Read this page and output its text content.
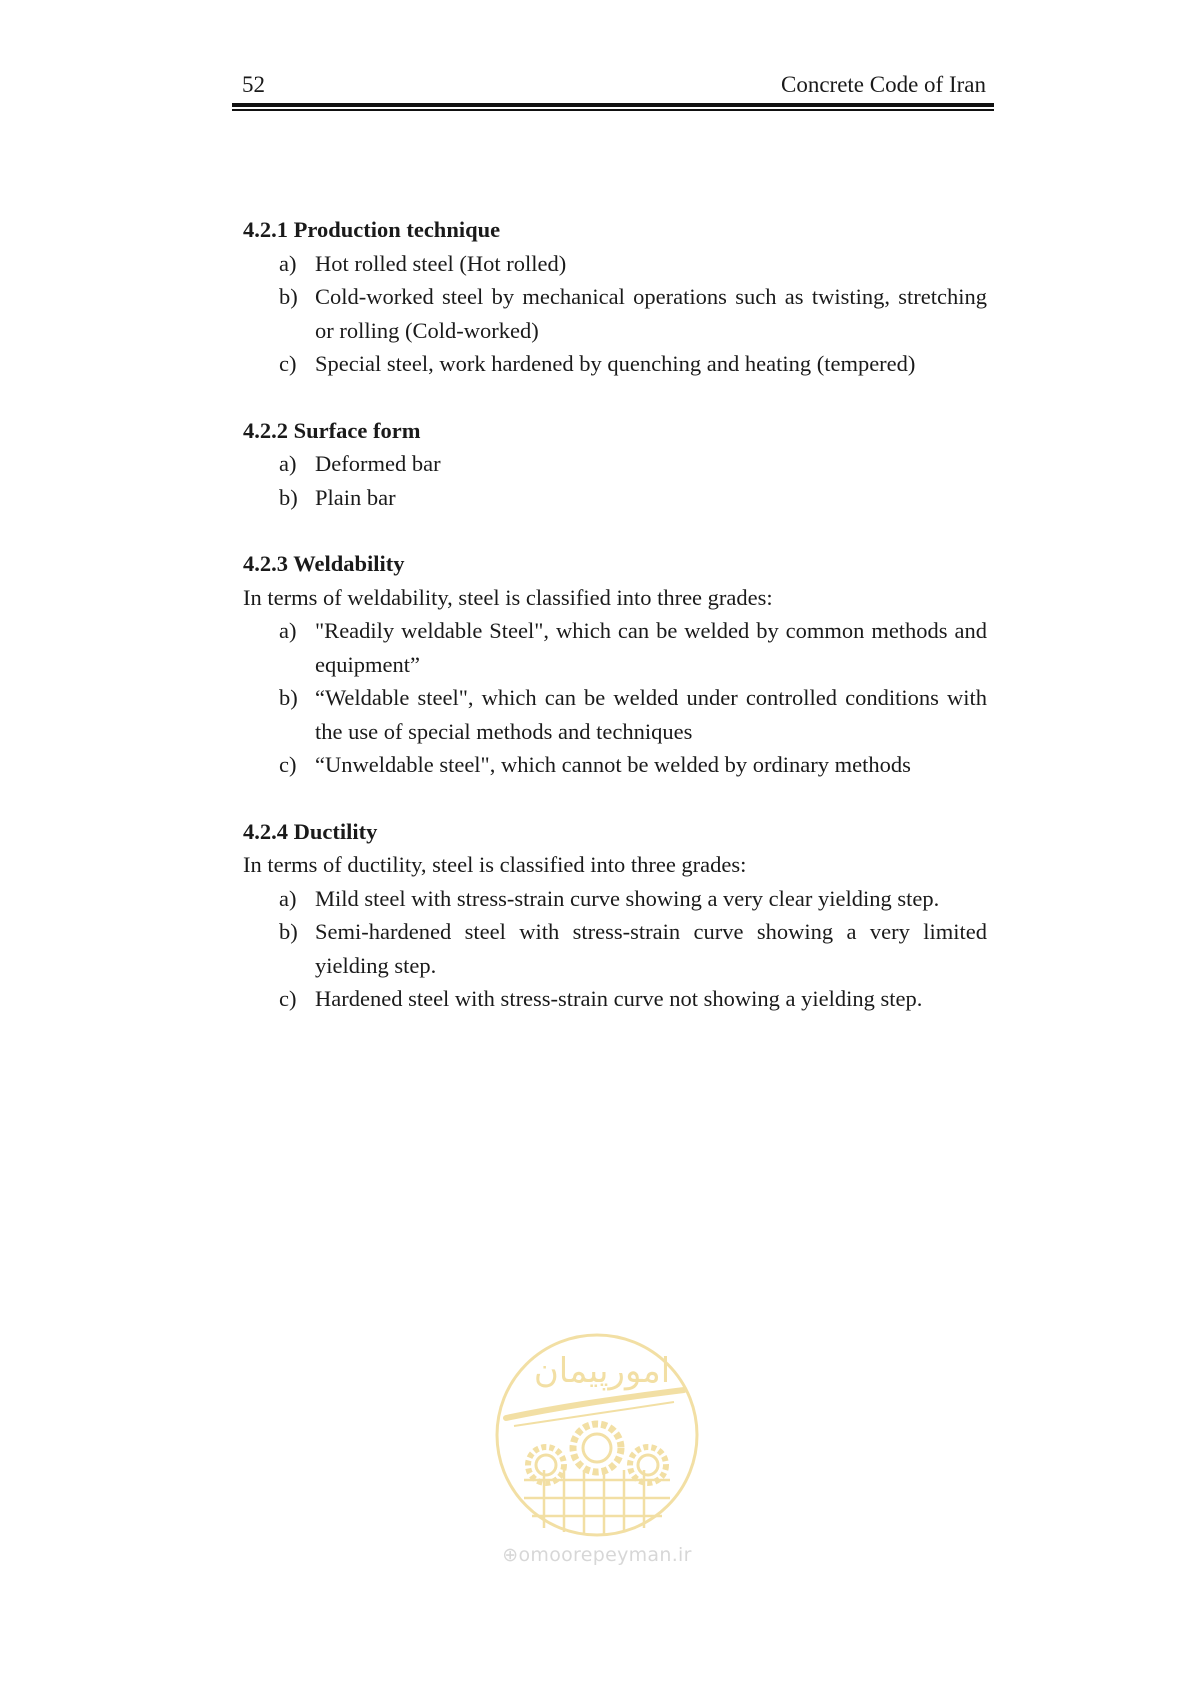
52	Concrete Code of Iran

4.2.1 Production technique

a) Hot rolled steel (Hot rolled)
b) Cold-worked steel by mechanical operations such as twisting, stretching or rolling (Cold-worked)
c) Special steel, work hardened by quenching and heating (tempered)

4.2.2 Surface form

a) Deformed bar
b) Plain bar

4.2.3 Weldability

In terms of weldability, steel is classified into three grades:

a) "Readily weldable Steel", which can be welded by common methods and equipment”
b) “Weldable steel", which can be welded under controlled conditions with the use of special methods and techniques
c) “Unweldable steel", which cannot be welded by ordinary methods

4.2.4 Ductility

In terms of ductility, steel is classified into three grades:

a) Mild steel with stress-strain curve showing a very clear yielding step.
b) Semi-hardened steel with stress-strain curve showing a very limited yielding step.
c) Hardened steel with stress-strain curve not showing a yielding step.
امورپیمان
⊕omoorepeyman.ir
